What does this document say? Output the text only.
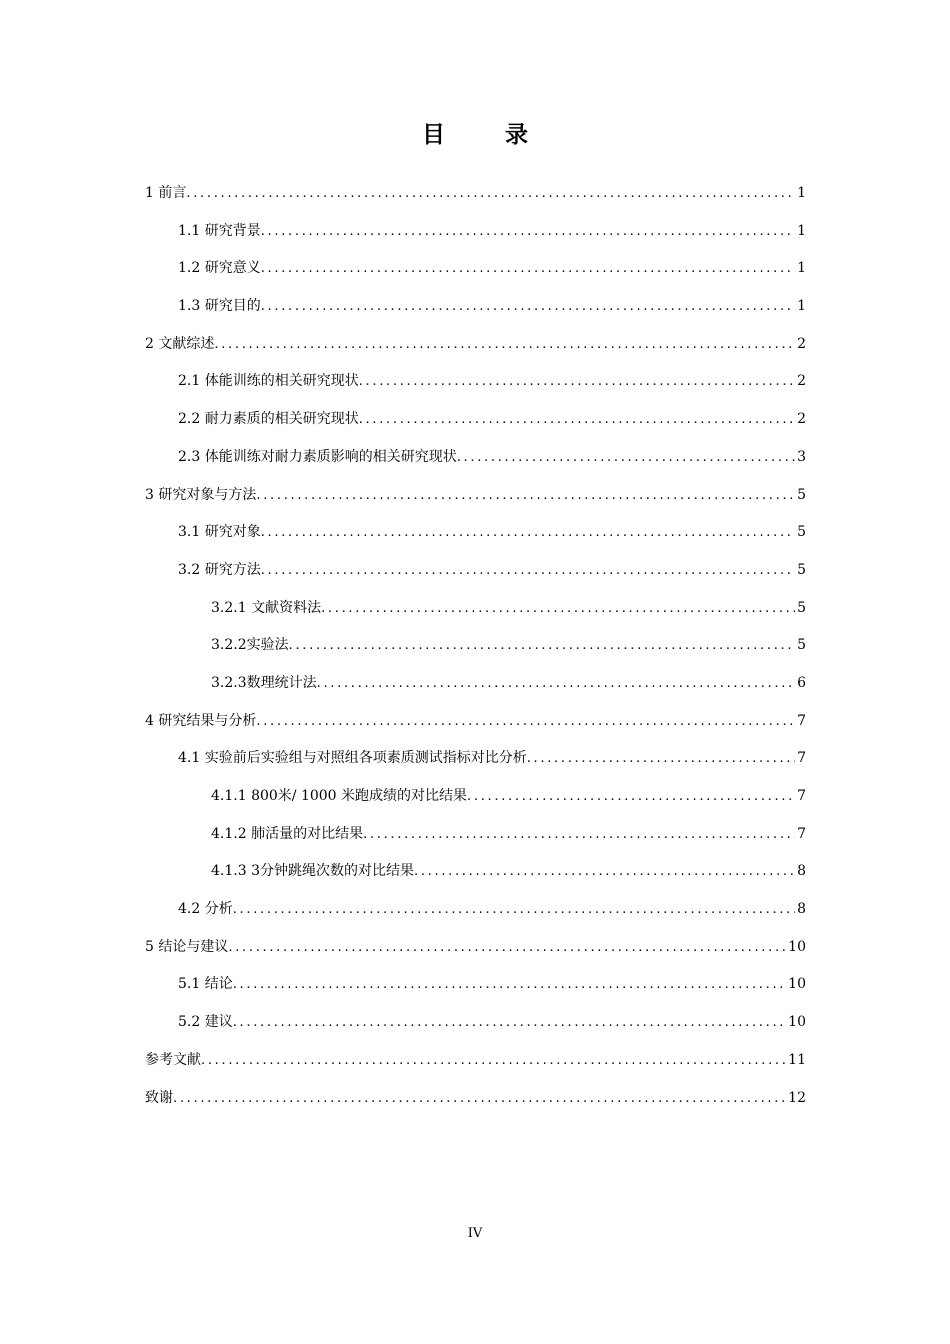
目 录
1 前言 .....	1
1.1 研究背景 .....	1
1.2 研究意义 .....	1
1.3 研究目的 .....	1
2 文献综述 .....	2
2.1 体能训练的相关研究现状 .....	2
2.2 耐力素质的相关研究现状 .....	2
2.3 体能训练对耐力素质影响的相关研究现状 .....	3
3 研究对象与方法 .....	5
3.1 研究对象 .....	5
3.2 研究方法 .....	5
3.2.1 文献资料法 .....	5
3.2.2实验法 .....	5
3.2.3数理统计法 .....	6
4 研究结果与分析 .....	7
4.1 实验前后实验组与对照组各项素质测试指标对比分析 .....	7
4.1.1 800米/ 1000 米跑成绩的对比结果 .....	7
4.1.2 肺活量的对比结果 .....	7
4.1.3 3分钟跳绳次数的对比结果 .....	8
4.2 分析 .....	8
5 结论与建议 .....	10
5.1 结论 .....	10
5.2 建议 .....	10
参考文献 .....	11
致谢 .....	12
IV
